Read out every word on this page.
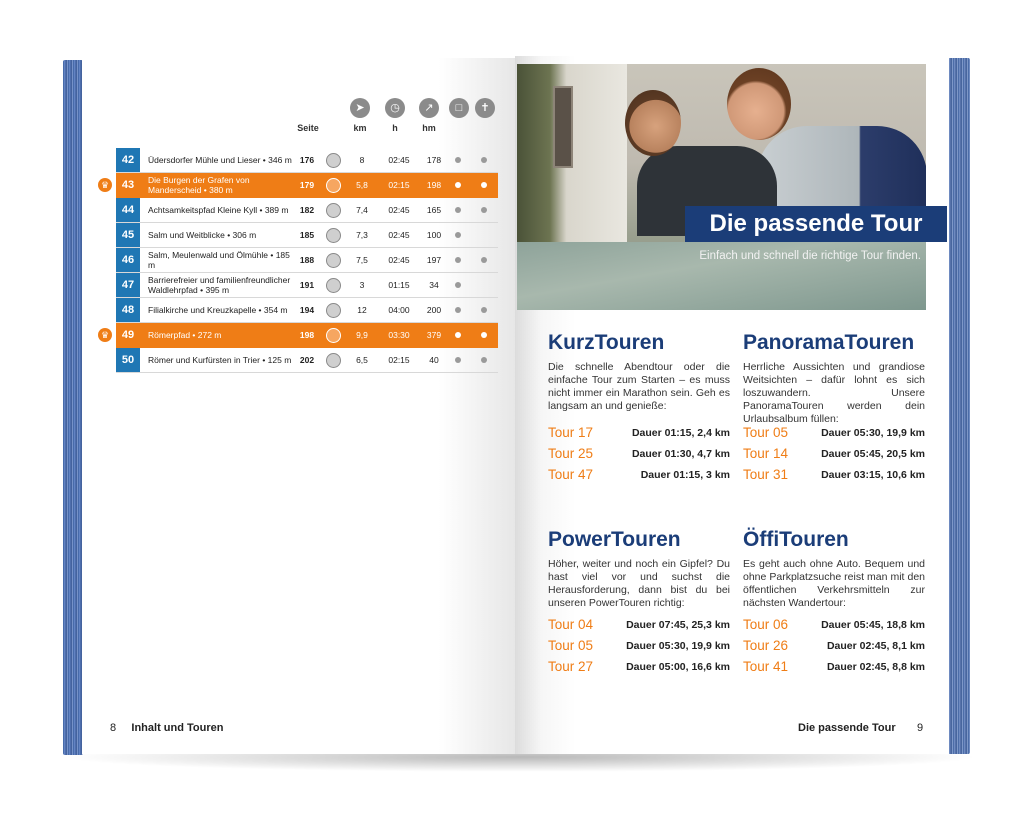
➤	◷	↗	□	✝
Seite	km	h	hm
42	Üdersdorfer Mühle und Lieser • 346 m 176	8	02:45	178
♛	43	Die Burgen der Grafen von Manderscheid • 380 m	179	5,8	02:15	198
44	Achtsamkeitspfad Kleine Kyll • 389 m	182	7,4	02:45	165
45	Salm und Weitblicke • 306 m	185	7,3	02:45	100
46	Salm, Meulenwald und Ölmühle • 185 m	188	7,5	02:45	197
47	Barrierefreier und familienfreundlicher Waldlehrpfad • 395 m	191	3	01:15	34
48	Filialkirche und Kreuzkapelle • 354 m	194	12	04:00	200
♛	49	Römerpfad • 272 m	198	9,9	03:30	379
50	Römer und Kurfürsten in Trier • 125 m	202	6,5	02:15	40
8 Inhalt und Touren
Die passende Tour
Einfach und schnell die richtige Tour finden.
KurzTouren

Die schnelle Abendtour oder die einfache Tour zum Starten – es muss nicht immer ein Marathon sein. Geh es langsam an und genieße:

Tour 17	Dauer 01:15, 2,4 km
Tour 25	Dauer 01:30, 4,7 km
Tour 47	Dauer 01:15, 3 km
PanoramaTouren

Herrliche Aussichten und grandiose Weitsichten – dafür lohnt es sich loszuwandern. Unsere PanoramaTouren werden dein Urlaubsalbum füllen:

Tour 05	Dauer 05:30, 19,9 km
Tour 14	Dauer 05:45, 20,5 km
Tour 31	Dauer 03:15, 10,6 km
PowerTouren

Höher, weiter und noch ein Gipfel? Du hast viel vor und suchst die Herausforderung, dann bist du bei unseren PowerTouren richtig:

Tour 04	Dauer 07:45, 25,3 km
Tour 05	Dauer 05:30, 19,9 km
Tour 27	Dauer 05:00, 16,6 km
ÖffiTouren

Es geht auch ohne Auto. Bequem und ohne Parkplatzsuche reist man mit den öffentlichen Verkehrsmitteln zur nächsten Wandertour:

Tour 06	Dauer 05:45, 18,8 km
Tour 26	Dauer 02:45, 8,1 km
Tour 41	Dauer 02:45, 8,8 km
Die passende Tour 9
